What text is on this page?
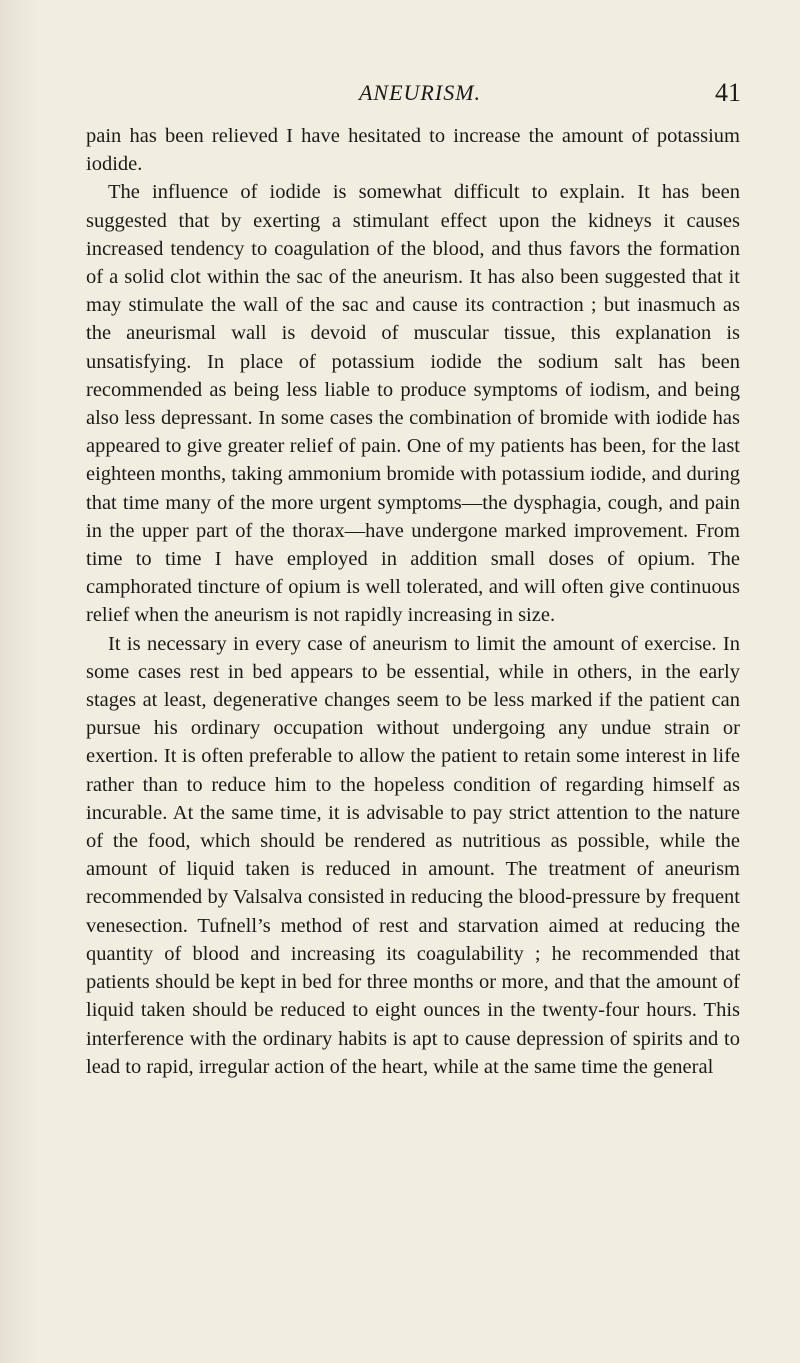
ANEURISM.	41

pain has been relieved I have hesitated to increase the amount of potassium iodide.

The influence of iodide is somewhat difficult to explain. It has been suggested that by exerting a stimulant effect upon the kidneys it causes increased tendency to coagulation of the blood, and thus favors the formation of a solid clot within the sac of the aneurism. It has also been suggested that it may stimulate the wall of the sac and cause its contraction ; but inasmuch as the aneurismal wall is devoid of muscular tissue, this explanation is unsatisfying. In place of potassium iodide the sodium salt has been recommended as being less liable to produce symptoms of iodism, and being also less depressant. In some cases the combination of bromide with iodide has appeared to give greater relief of pain. One of my patients has been, for the last eighteen months, taking ammonium bromide with potassium iodide, and during that time many of the more urgent symptoms—the dysphagia, cough, and pain in the upper part of the thorax—have undergone marked improvement. From time to time I have employed in addition small doses of opium. The camphorated tincture of opium is well tolerated, and will often give continuous relief when the aneurism is not rapidly increasing in size.

It is necessary in every case of aneurism to limit the amount of exercise. In some cases rest in bed appears to be essential, while in others, in the early stages at least, degenerative changes seem to be less marked if the patient can pursue his ordinary occupation without undergoing any undue strain or exertion. It is often preferable to allow the patient to retain some interest in life rather than to reduce him to the hopeless condition of regarding himself as incurable. At the same time, it is advisable to pay strict attention to the nature of the food, which should be rendered as nutritious as possible, while the amount of liquid taken is reduced in amount. The treatment of aneurism recommended by Valsalva consisted in reducing the blood-pressure by frequent venesection. Tufnell’s method of rest and starvation aimed at reducing the quantity of blood and increasing its coagulability ; he recommended that patients should be kept in bed for three months or more, and that the amount of liquid taken should be reduced to eight ounces in the twenty-four hours. This interference with the ordinary habits is apt to cause depression of spirits and to lead to rapid, irregular action of the heart, while at the same time the general
